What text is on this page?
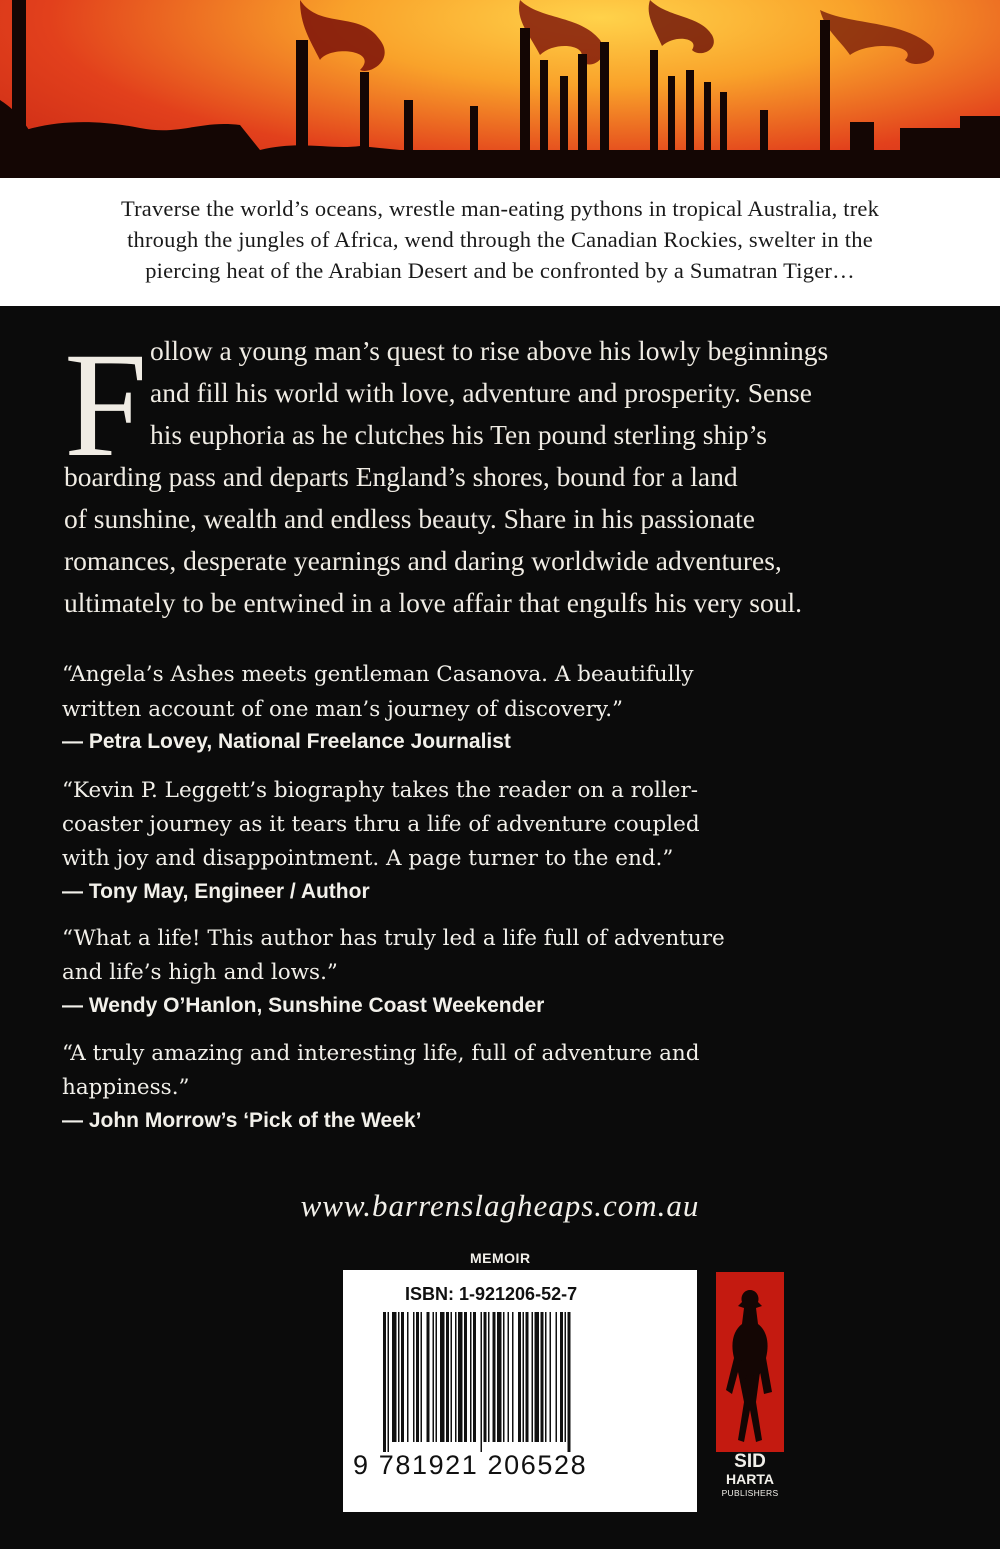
Traverse the world’s oceans, wrestle man-eating pythons in tropical Australia, trek
through the jungles of Africa, wend through the Canadian Rockies, swelter in the
piercing heat of the Arabian Desert and be confronted by a Sumatran Tiger…
F ollow a young man’s quest to rise above his lowly beginnings
and fill his world with love, adventure and prosperity. Sense
his euphoria as he clutches his Ten pound sterling ship’s
boarding pass and departs England’s shores, bound for a land
of sunshine, wealth and endless beauty. Share in his passionate
romances, desperate yearnings and daring worldwide adventures,
ultimately to be entwined in a love affair that engulfs his very soul.
“Angela’s Ashes meets gentleman Casanova. A beautifully
written account of one man’s journey of discovery.”
— Petra Lovey, National Freelance Journalist
“Kevin P. Leggett’s biography takes the reader on a roller-
coaster journey as it tears thru a life of adventure coupled
with joy and disappointment. A page turner to the end.”
— Tony May, Engineer / Author
“What a life! This author has truly led a life full of adventure
and life’s high and lows.”
— Wendy O’Hanlon, Sunshine Coast Weekender
“A truly amazing and interesting life, full of adventure and
happiness.”
— John Morrow’s ‘Pick of the Week’
www.barrenslagheaps.com.au
MEMOIR
ISBN: 1-921206-52-7
9 781921 206528	SID
HARTA
PUBLISHERS
